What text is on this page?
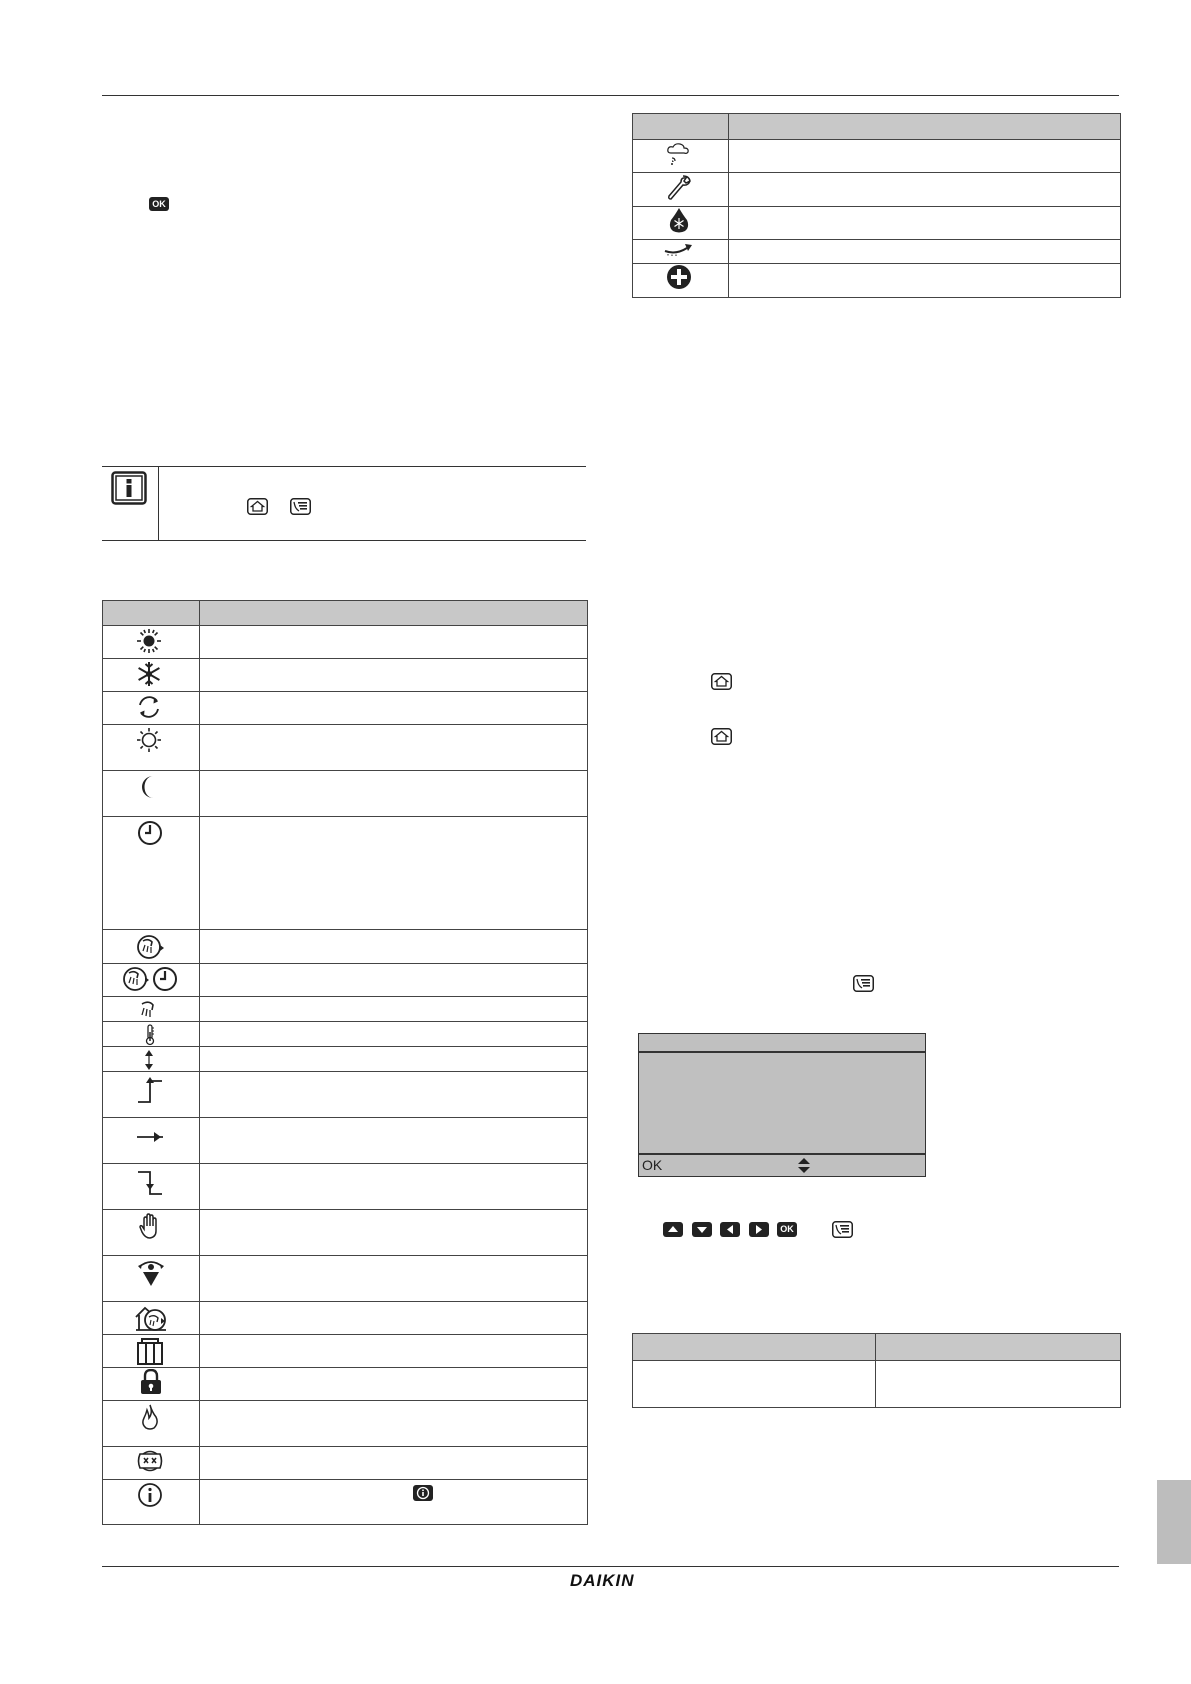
OK
OK
OK
DAIKIN
